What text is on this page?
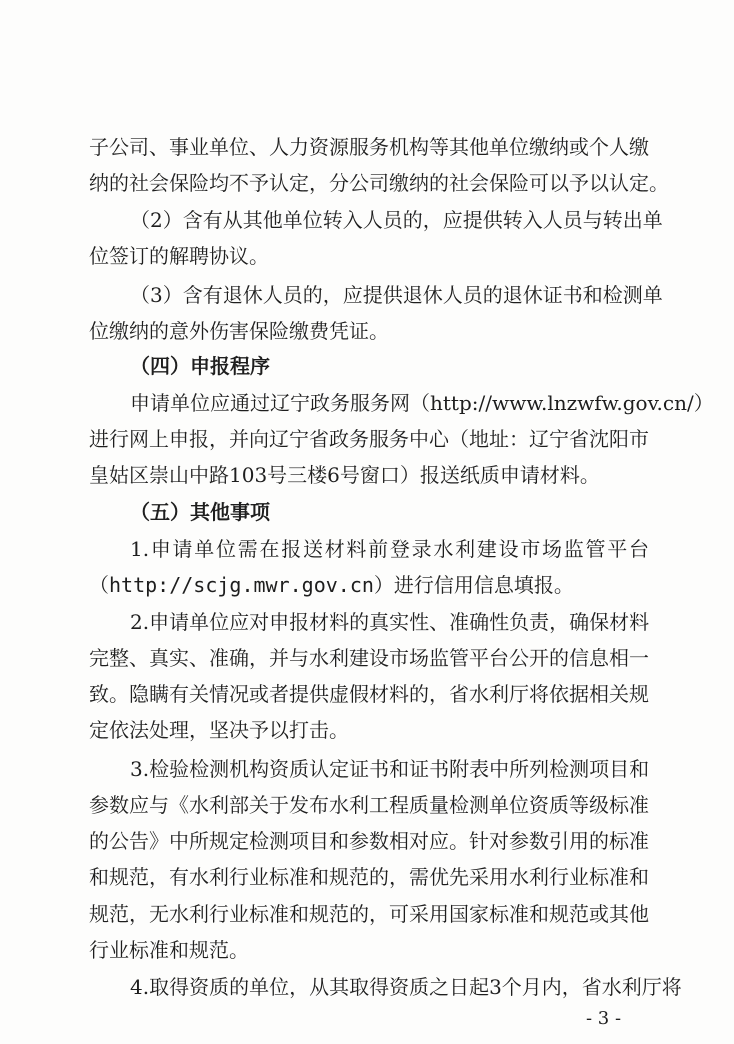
子公司、事业单位、人力资源服务机构等其他单位缴纳或个人缴
纳的社会保险均不予认定，分公司缴纳的社会保险可以予以认定。
（2）含有从其他单位转入人员的，应提供转入人员与转出单
位签订的解聘协议。
（3）含有退休人员的，应提供退休人员的退休证书和检测单
位缴纳的意外伤害保险缴费凭证。
（四）申报程序
申请单位应通过辽宁政务服务网（http://www.lnzwfw.gov.cn/）
进行网上申报，并向辽宁省政务服务中心（地址：辽宁省沈阳市
皇姑区崇山中路103号三楼6号窗口）报送纸质申请材料。
（五）其他事项
1.申请单位需在报送材料前登录水利建设市场监管平台
（http://scjg.mwr.gov.cn）进行信用信息填报。
2.申请单位应对申报材料的真实性、准确性负责，确保材料
完整、真实、准确，并与水利建设市场监管平台公开的信息相一
致。隐瞒有关情况或者提供虚假材料的，省水利厅将依据相关规
定依法处理，坚决予以打击。
3.检验检测机构资质认定证书和证书附表中所列检测项目和
参数应与《水利部关于发布水利工程质量检测单位资质等级标准
的公告》中所规定检测项目和参数相对应。针对参数引用的标准
和规范，有水利行业标准和规范的，需优先采用水利行业标准和
规范，无水利行业标准和规范的，可采用国家标准和规范或其他
行业标准和规范。
4.取得资质的单位，从其取得资质之日起3个月内，省水利厅将
- 3 -
